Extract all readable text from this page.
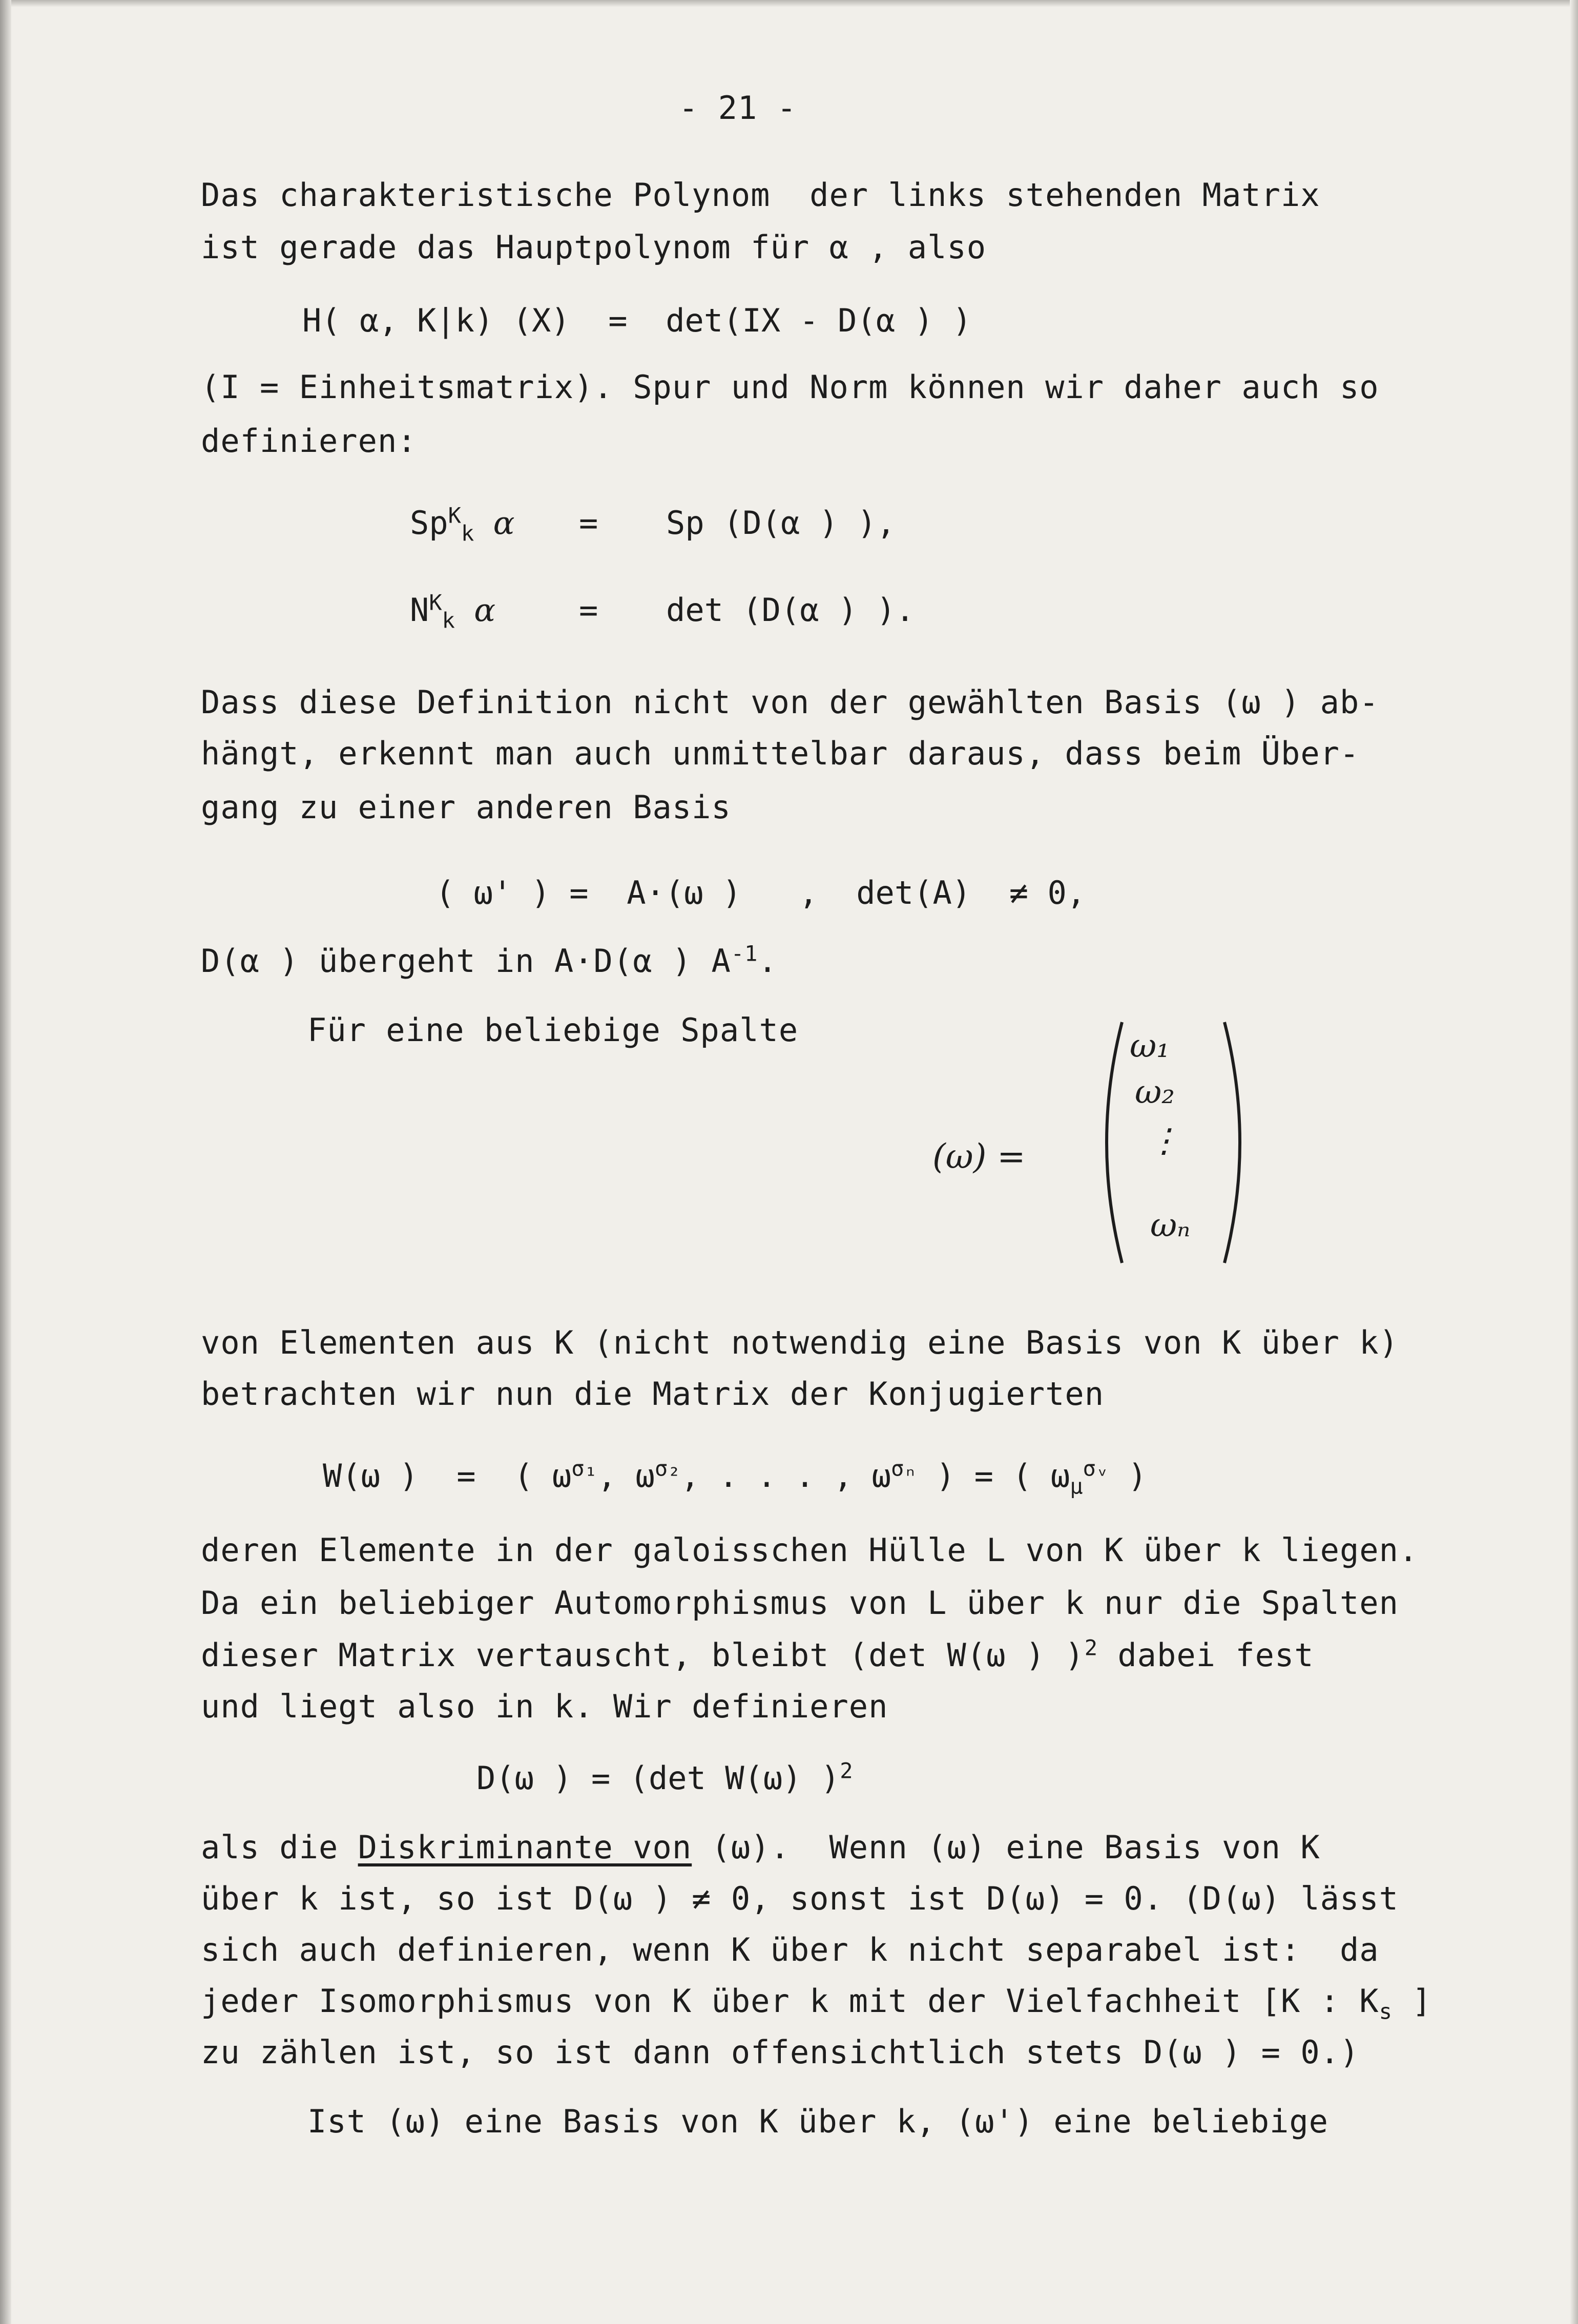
- 21 -
Das charakteristische Polynom  der links stehenden Matrix
ist gerade das Hauptpolynom für α , also
H( α, K|k) (X)  =  det(IX - D(α ) )
(I = Einheitsmatrix). Spur und Norm können wir daher auch so
definieren:
$Sp^K_k$ α = Sp (D(α ) ),
$N^K_k$ α	= det (D(α ) ).
Dass diese Definition nicht von der gewählten Basis (ω ) ab-
hängt, erkennt man auch unmittelbar daraus, dass beim Über-
gang zu einer anderen Basis
( ω' ) =  A·(ω )   ,  det(A)  ≠ 0,
D(α ) übergeht in A·D(α ) $A^{-1}$.
Für eine beliebige Spalte
(ω) =
ω₁
ω₂
⋮
ωₙ
von Elementen aus K (nicht notwendig eine Basis von K über k)
betrachten wir nun die Matrix der Konjugierten
W(ω )  =  ( $\omega^{\sigma_1}$, $\omega^{\sigma_2}$, . . . , $\omega^{\sigma_n}$ ) = ( $\omega_\mu^{\sigma ᵥ}$ )
deren Elemente in der galoisschen Hülle L von K über k liegen.
Da ein beliebiger Automorphismus von L über k nur die Spalten
dieser Matrix vertauscht, bleibt (det W(ω ) )$^2$ dabei fest
und liegt also in k. Wir definieren
D(ω ) = (det W(ω) )$^2$
als die Diskriminante von (ω).  Wenn (ω) eine Basis von K
über k ist, so ist D(ω ) ≠ 0, sonst ist D(ω) = 0. (D(ω) lässt
sich auch definieren, wenn K über k nicht separabel ist:  da
jeder Isomorphismus von K über k mit der Vielfachheit [K : $K_s$ ]
zu zählen ist, so ist dann offensichtlich stets D(ω ) = 0.)
Ist (ω) eine Basis von K über k, (ω') eine beliebige
